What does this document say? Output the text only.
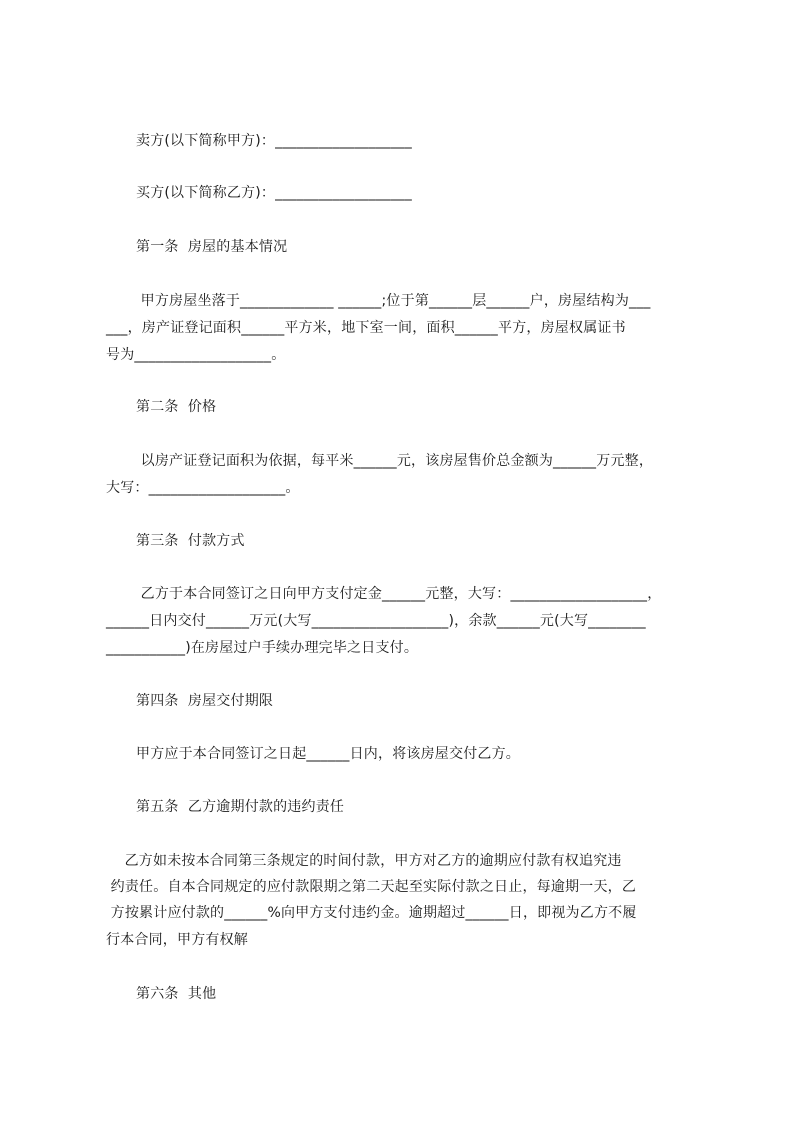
卖方(以下简称甲方)：___________________

买方(以下简称乙方)：___________________

第一条  房屋的基本情况

甲方房屋坐落于_____________ ______;位于第______层______户，房屋结构为___

___，房产证登记面积______平方米，地下室一间，面积______平方，房屋权属证书

号为___________________。

第二条  价格

以房产证登记面积为依据，每平米______元，该房屋售价总金额为______万元整，

大写：___________________。

第三条  付款方式

乙方于本合同签订之日向甲方支付定金______元整，大写：___________________，

______日内交付______万元(大写___________________)，余款______元(大写________

___________)在房屋过户手续办理完毕之日支付。

第四条  房屋交付期限

甲方应于本合同签订之日起______日内，将该房屋交付乙方。

第五条  乙方逾期付款的违约责任

乙方如未按本合同第三条规定的时间付款，甲方对乙方的逾期应付款有权追究违

约责任。自本合同规定的应付款限期之第二天起至实际付款之日止，每逾期一天，乙

方按累计应付款的______%向甲方支付违约金。逾期超过______日，即视为乙方不履

行本合同，甲方有权解

第六条  其他
